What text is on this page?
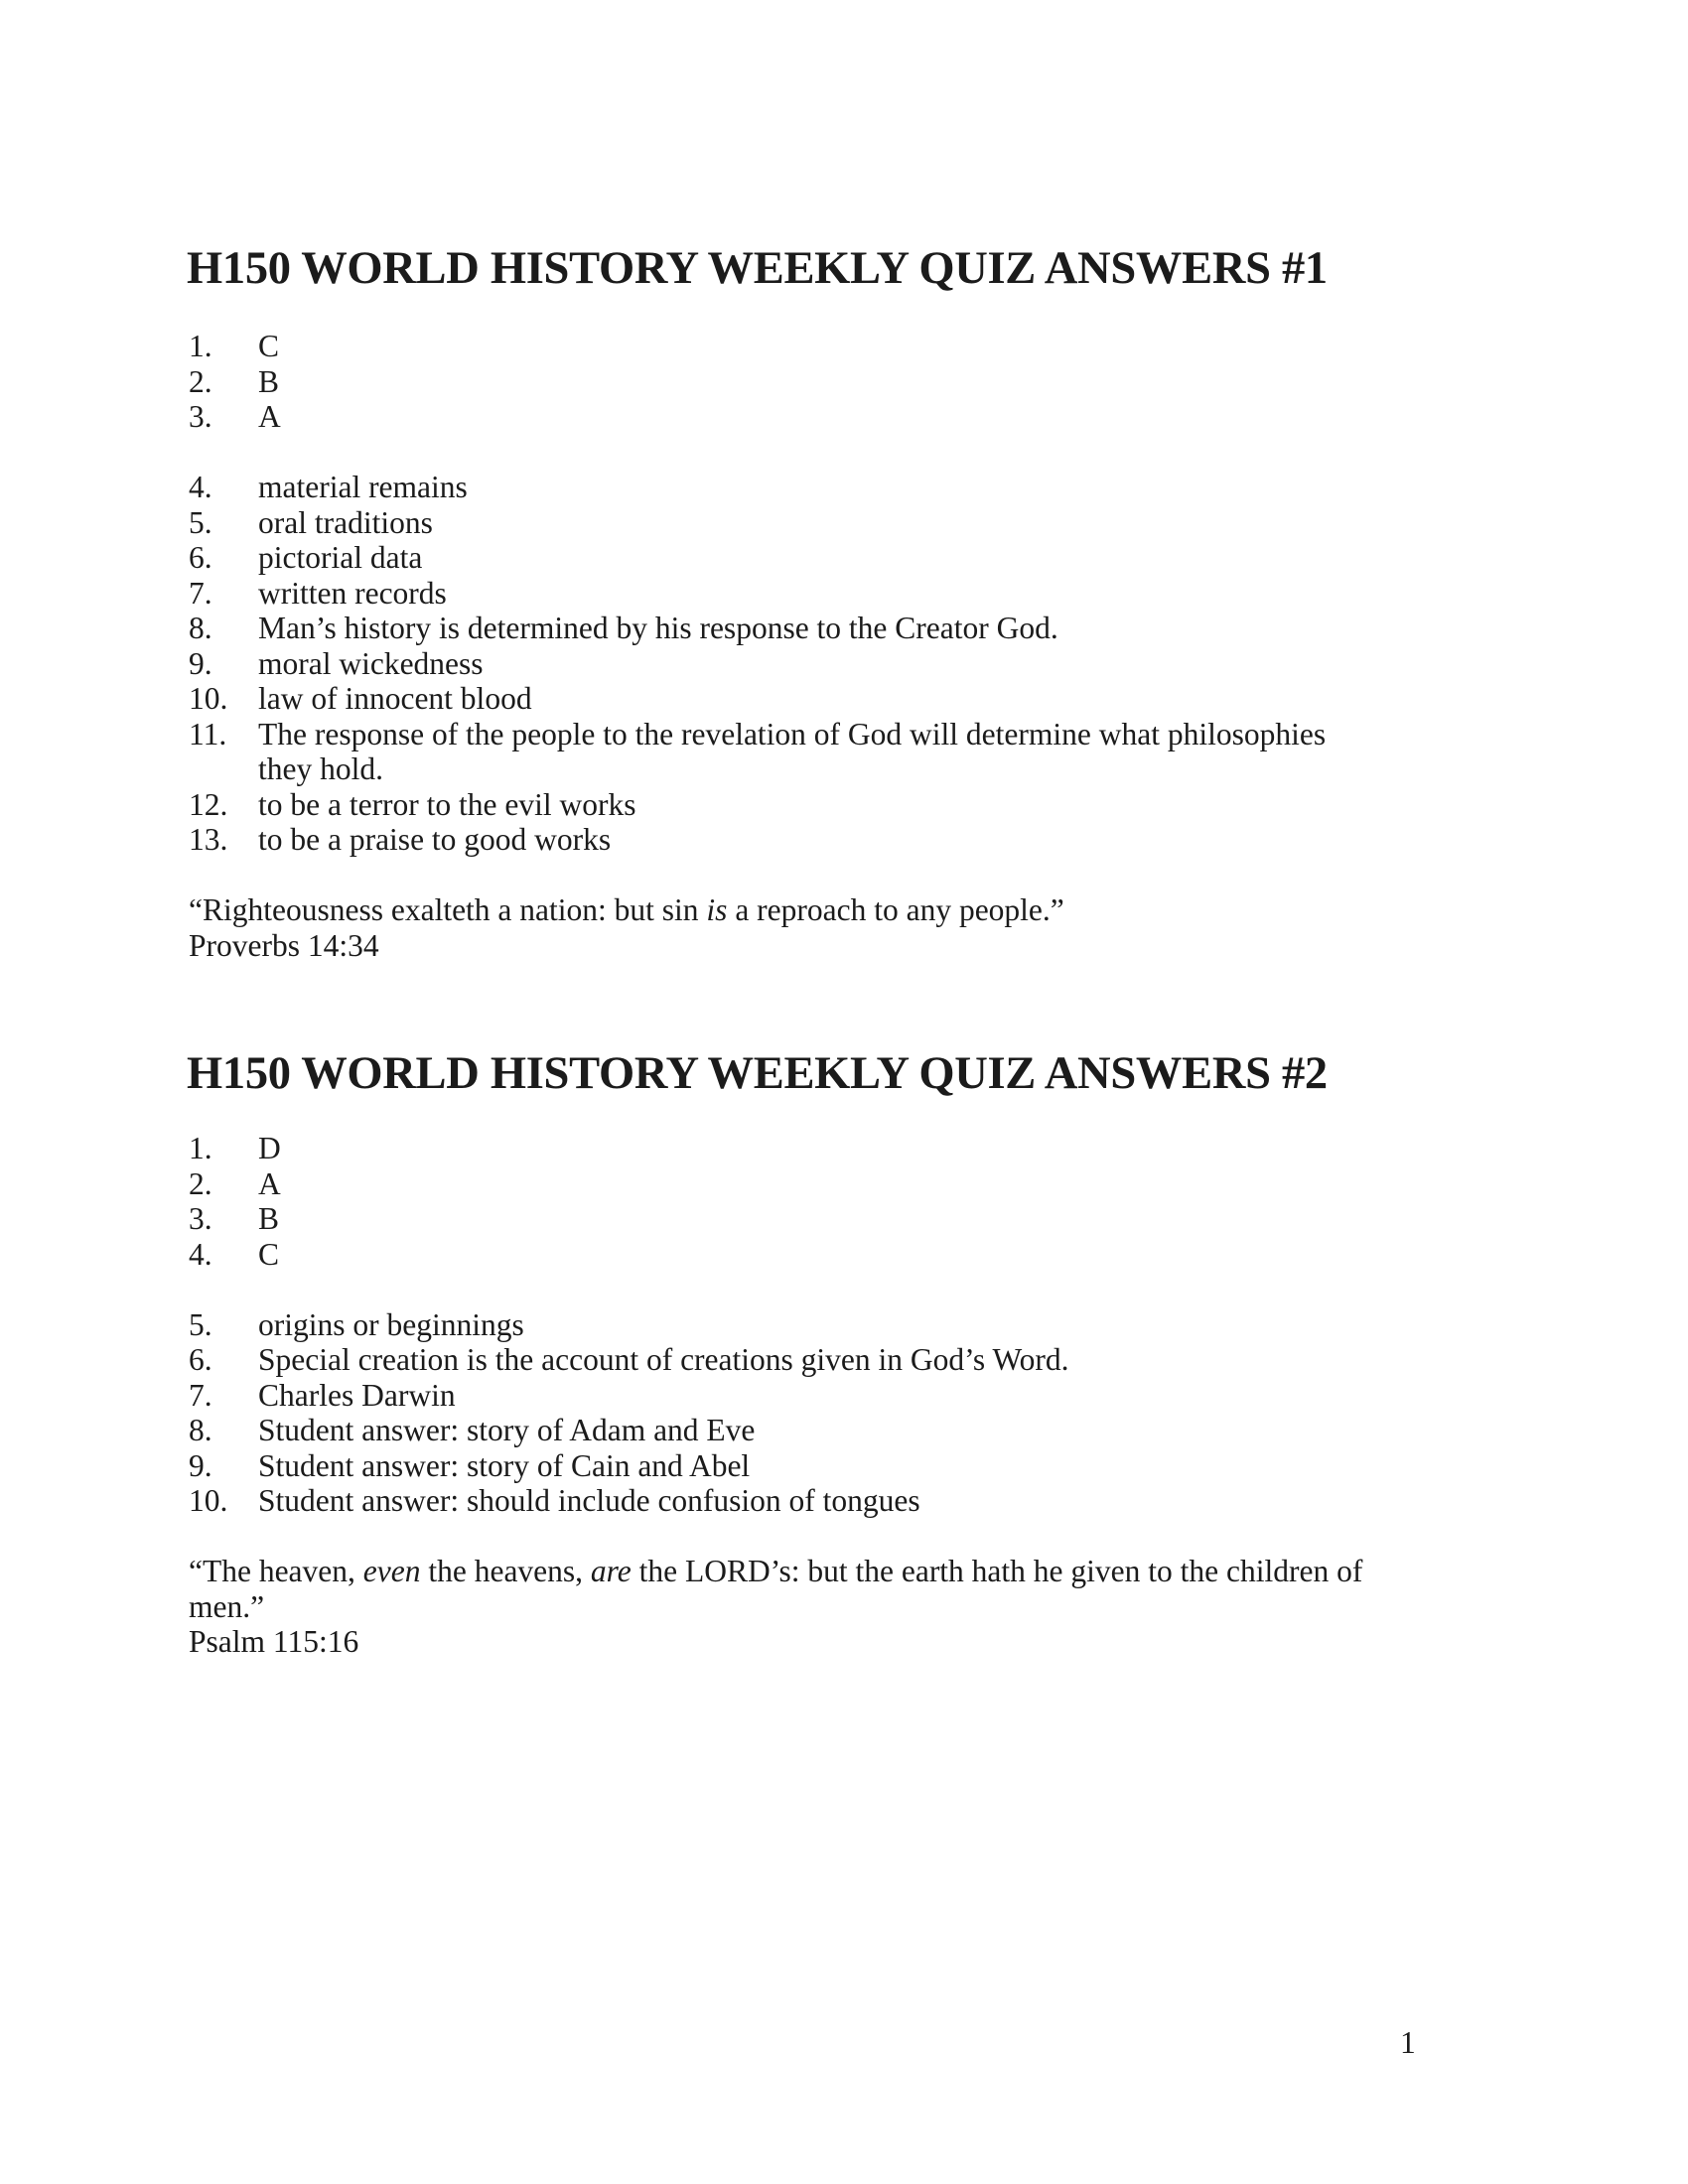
H150 WORLD HISTORY WEEKLY QUIZ ANSWERS #1
1.	C
2.	B
3.	A
4.	material remains
5.	oral traditions
6.	pictorial data
7.	written records
8.	Man’s history is determined by his response to the Creator God.
9.	moral wickedness
10. law of innocent blood
11.	The response of the people to the revelation of God will determine what philosophies
they hold.
12. to be a terror to the evil works
13. to be a praise to good works
“Righteousness exalteth a nation: but sin is a reproach to any people.”
Proverbs 14:34
H150 WORLD HISTORY WEEKLY QUIZ ANSWERS #2
1.	D
2.	A
3.	B
4.	C
5.	origins or beginnings
6.	Special creation is the account of creations given in God’s Word.
7.	Charles Darwin
8.	Student answer: story of Adam and Eve
9.	Student answer: story of Cain and Abel
10. Student answer: should include confusion of tongues
“The heaven, even the heavens, are the LORD’s: but the earth hath he given to the children of
men.”
Psalm 115:16
1
